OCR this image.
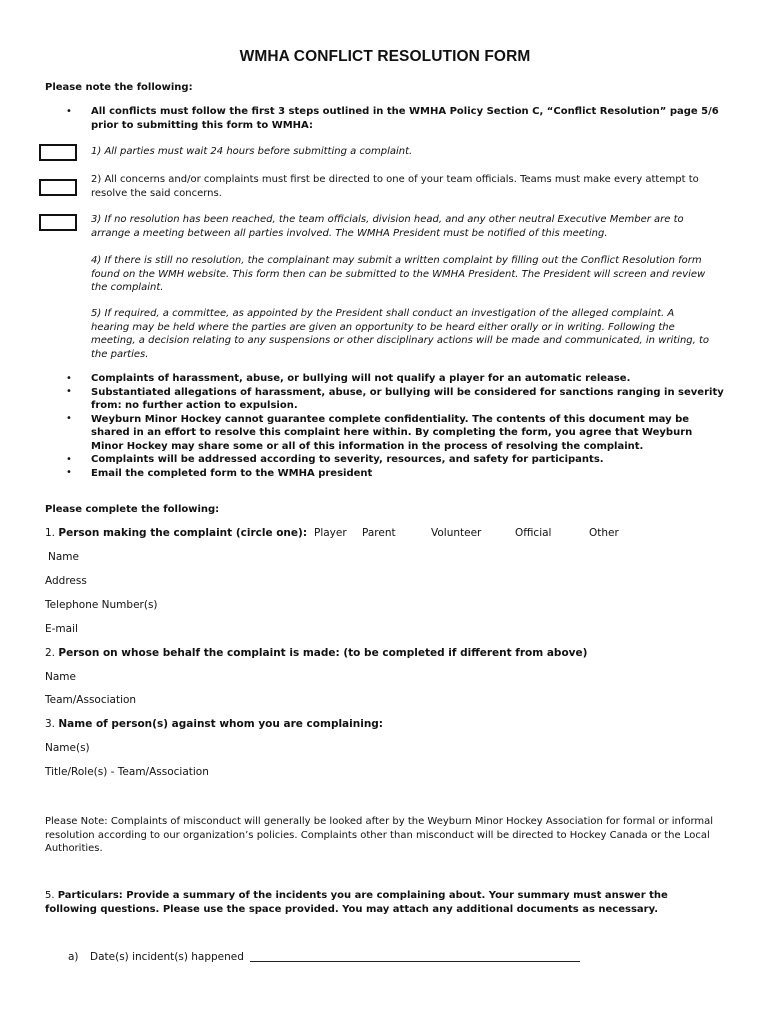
WMHA CONFLICT RESOLUTION FORM
Please note the following:
• All conflicts must follow the first 3 steps outlined in the WMHA Policy Section C, “Conflict Resolution” page 5/6
prior to submitting this form to WMHA:
1) All parties must wait 24 hours before submitting a complaint.
2) All concerns and/or complaints must first be directed to one of your team officials. Teams must make every attempt to
resolve the said concerns.
3) If no resolution has been reached, the team officials, division head, and any other neutral Executive Member are to
arrange a meeting between all parties involved. The WMHA President must be notified of this meeting.
4) If there is still no resolution, the complainant may submit a written complaint by filling out the Conflict Resolution form
found on the WMH website. This form then can be submitted to the WMHA President. The President will screen and review
the complaint.
5) If required, a committee, as appointed by the President shall conduct an investigation of the alleged complaint. A
hearing may be held where the parties are given an opportunity to be heard either orally or in writing. Following the
meeting, a decision relating to any suspensions or other disciplinary actions will be made and communicated, in writing, to
the parties.
•
•
•
•
•
Complaints of harassment, abuse, or bullying will not qualify a player for an automatic release.
Substantiated allegations of harassment, abuse, or bullying will be considered for sanctions ranging in severity
from: no further action to expulsion.
Weyburn Minor Hockey cannot guarantee complete confidentiality. The contents of this document may be
shared in an effort to resolve this complaint here within. By completing the form, you agree that Weyburn
Minor Hockey may share some or all of this information in the process of resolving the complaint.
Complaints will be addressed according to severity, resources, and safety for participants.
Email the completed form to the WMHA president
Please complete the following:
1. Person making the complaint (circle one): Player Parent	Volunteer	Official	Other
Name
Address
Telephone Number(s)
E-mail
2. Person on whose behalf the complaint is made: (to be completed if different from above)
Name
Team/Association
3. Name of person(s) against whom you are complaining:
Name(s)
Title/Role(s) - Team/Association
Please Note: Complaints of misconduct will generally be looked after by the Weyburn Minor Hockey Association for formal or informal
resolution according to our organization’s policies. Complaints other than misconduct will be directed to Hockey Canada or the Local
Authorities.
5. Particulars: Provide a summary of the incidents you are complaining about. Your summary must answer the
following questions. Please use the space provided. You may attach any additional documents as necessary.
a) Date(s) incident(s) happened
